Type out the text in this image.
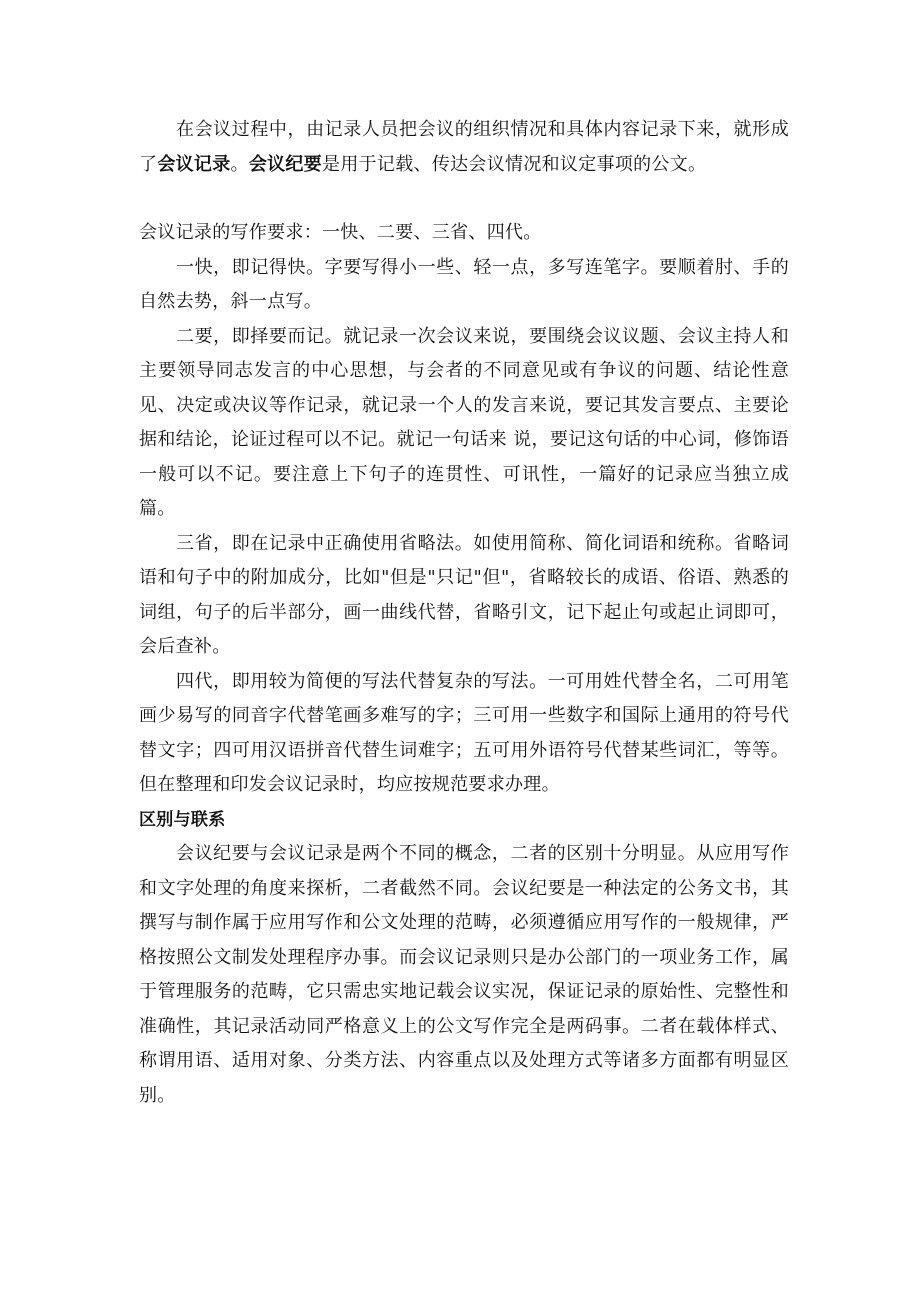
在会议过程中，由记录人员把会议的组织情况和具体内容记录下来，就形成了会议记录。会议纪要是用于记载、传达会议情况和议定事项的公文。

会议记录的写作要求：一快、二要、三省、四代。

一快，即记得快。字要写得小一些、轻一点，多写连笔字。要顺着肘、手的自然去势，斜一点写。

二要，即择要而记。就记录一次会议来说，要围绕会议议题、会议主持人和主要领导同志发言的中心思想，与会者的不同意见或有争议的问题、结论性意见、决定或决议等作记录，就记录一个人的发言来说，要记其发言要点、主要论据和结论，论证过程可以不记。就记一句话来 说，要记这句话的中心词，修饰语一般可以不记。要注意上下句子的连贯性、可讯性，一篇好的记录应当独立成篇。

三省，即在记录中正确使用省略法。如使用简称、简化词语和统称。省略词语和句子中的附加成分，比如"但是"只记"但"，省略较长的成语、俗语、熟悉的词组，句子的后半部分，画一曲线代替，省略引文，记下起止句或起止词即可，会后查补。

四代，即用较为简便的写法代替复杂的写法。一可用姓代替全名，二可用笔画少易写的同音字代替笔画多难写的字；三可用一些数字和国际上通用的符号代替文字；四可用汉语拼音代替生词难字；五可用外语符号代替某些词汇，等等。但在整理和印发会议记录时，均应按规范要求办理。

区别与联系

会议纪要与会议记录是两个不同的概念，二者的区别十分明显。从应用写作和文字处理的角度来探析，二者截然不同。会议纪要是一种法定的公务文书，其撰写与制作属于应用写作和公文处理的范畴，必须遵循应用写作的一般规律，严格按照公文制发处理程序办事。而会议记录则只是办公部门的一项业务工作，属于管理服务的范畴，它只需忠实地记载会议实况，保证记录的原始性、完整性和准确性，其记录活动同严格意义上的公文写作完全是两码事。二者在载体样式、称谓用语、适用对象、分类方法、内容重点以及处理方式等诸多方面都有明显区别。
